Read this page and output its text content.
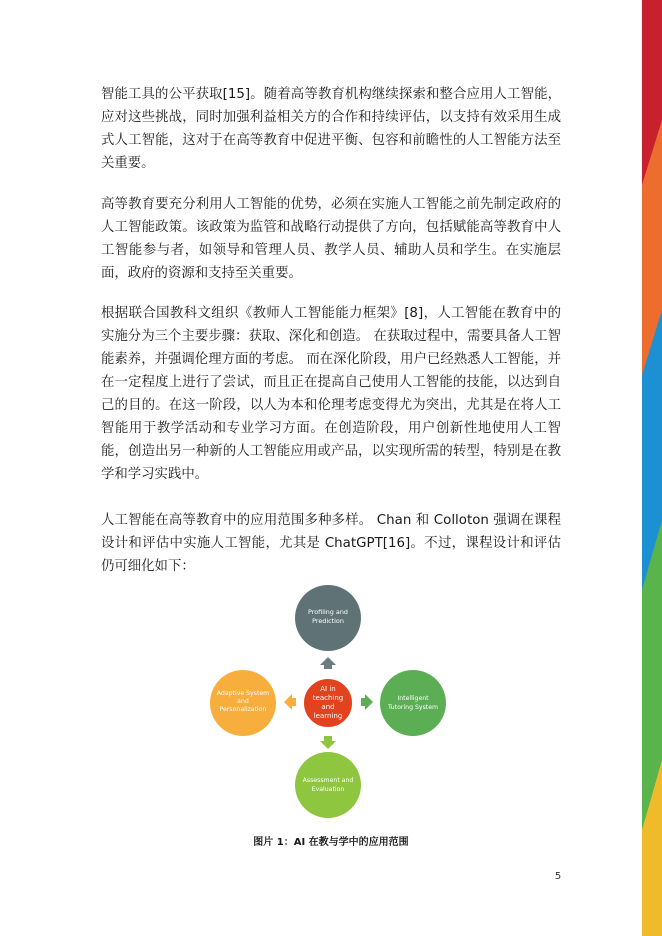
智能工具的公平获取[15]。随着高等教育机构继续探索和整合应用人工智能，应对这些挑战，同时加强利益相关方的合作和持续评估，以支持有效采用生成式人工智能，这对于在高等教育中促进平衡、包容和前瞻性的人工智能方法至关重要。

高等教育要充分利用人工智能的优势，必须在实施人工智能之前先制定政府的人工智能政策。该政策为监管和战略行动提供了方向，包括赋能高等教育中人工智能参与者，如领导和管理人员、教学人员、辅助人员和学生。在实施层面，政府的资源和支持至关重要。

根据联合国教科文组织《教师人工智能能力框架》[8]，人工智能在教育中的实施分为三个主要步骤：获取、深化和创造。 在获取过程中，需要具备人工智能素养，并强调伦理方面的考虑。 而在深化阶段，用户已经熟悉人工智能，并在一定程度上进行了尝试，而且正在提高自己使用人工智能的技能，以达到自己的目的。在这一阶段，以人为本和伦理考虑变得尤为突出，尤其是在将人工智能用于教学活动和专业学习方面。在创造阶段，用户创新性地使用人工智能，创造出另一种新的人工智能应用或产品，以实现所需的转型，特别是在教学和学习实践中。

人工智能在高等教育中的应用范围多种多样。 Chan 和 Colloton 强调在课程设计和评估中实施人工智能，尤其是 ChatGPT[16]。不过，课程设计和评估仍可细化如下：

Profiling and
Prediction
Intelligent
Tutoring System
Assessment and
Evaluation
Adaptive System
and
Personalization
AI in
teaching
and
learning
图片 1：AI 在教与学中的应用范围
5
